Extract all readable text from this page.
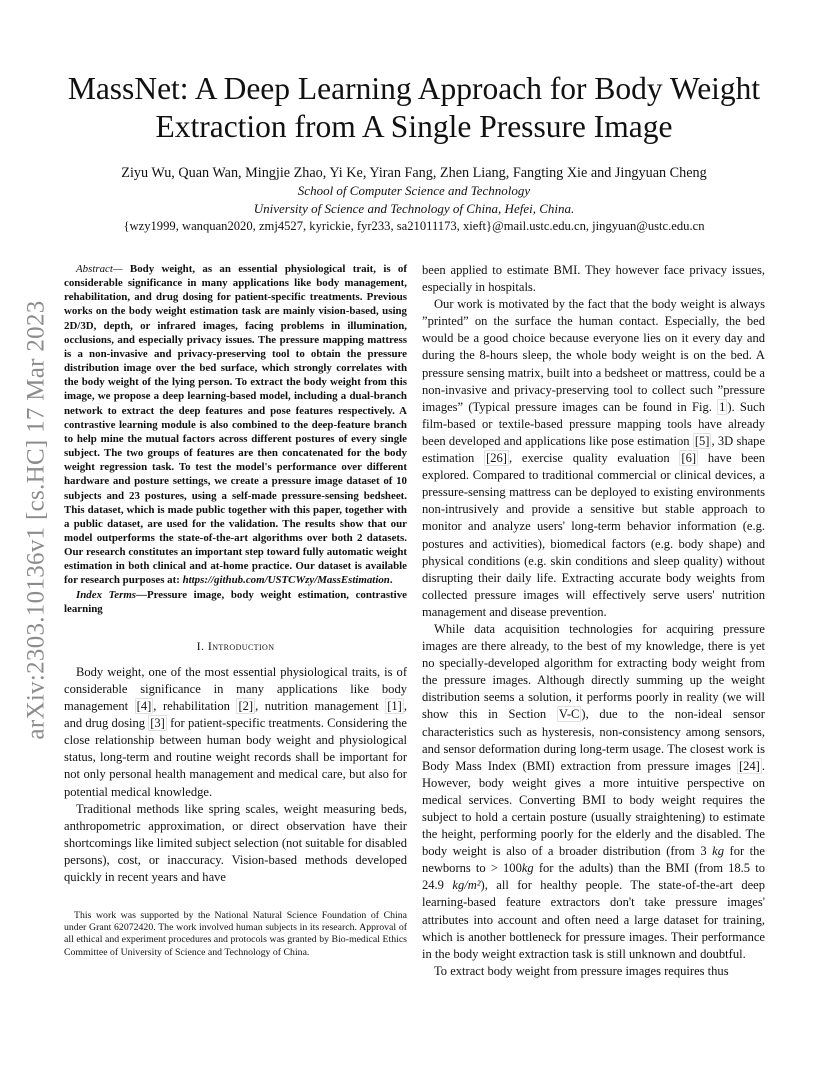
arXiv:2303.10136v1 [cs.HC] 17 Mar 2023
MassNet: A Deep Learning Approach for Body Weight Extraction from A Single Pressure Image
Ziyu Wu, Quan Wan, Mingjie Zhao, Yi Ke, Yiran Fang, Zhen Liang, Fangting Xie and Jingyuan Cheng
School of Computer Science and Technology
University of Science and Technology of China, Hefei, China.
{wzy1999, wanquan2020, zmj4527, kyrickie, fyr233, sa21011173, xieft}@mail.ustc.edu.cn, jingyuan@ustc.edu.cn

Abstract— Body weight, as an essential physiological trait, is of considerable significance in many applications like body management, rehabilitation, and drug dosing for patient-specific treatments. Previous works on the body weight estimation task are mainly vision-based, using 2D/3D, depth, or infrared images, facing problems in illumination, occlusions, and especially privacy issues. The pressure mapping mattress is a non-invasive and privacy-preserving tool to obtain the pressure distribution image over the bed surface, which strongly correlates with the body weight of the lying person. To extract the body weight from this image, we propose a deep learning-based model, including a dual-branch network to extract the deep features and pose features respectively. A contrastive learning module is also combined to the deep-feature branch to help mine the mutual factors across different postures of every single subject. The two groups of features are then concatenated for the body weight regression task. To test the model's performance over different hardware and posture settings, we create a pressure image dataset of 10 subjects and 23 postures, using a self-made pressure-sensing bedsheet. This dataset, which is made public together with this paper, together with a public dataset, are used for the validation. The results show that our model outperforms the state-of-the-art algorithms over both 2 datasets. Our research constitutes an important step toward fully automatic weight estimation in both clinical and at-home practice. Our dataset is available for research purposes at: https://github.com/USTCWzy/MassEstimation.

Index Terms—Pressure image, body weight estimation, contrastive learning

I. Introduction

Body weight, one of the most essential physiological traits, is of considerable significance in many applications like body management [4] , rehabilitation [2] , nutrition management [1] , and drug dosing [3] for patient-specific treatments. Considering the close relationship between human body weight and physiological status, long-term and routine weight records shall be important for not only personal health management and medical care, but also for potential medical knowledge.

Traditional methods like spring scales, weight measuring beds, anthropometric approximation, or direct observation have their shortcomings like limited subject selection (not suitable for disabled persons), cost, or inaccuracy. Vision-based methods developed quickly in recent years and have

This work was supported by the National Natural Science Foundation of China under Grant 62072420. The work involved human subjects in its research. Approval of all ethical and experiment procedures and protocols was granted by Bio-medical Ethics Committee of University of Science and Technology of China.

been applied to estimate BMI. They however face privacy issues, especially in hospitals.

Our work is motivated by the fact that the body weight is always ”printed” on the surface the human contact. Especially, the bed would be a good choice because everyone lies on it every day and during the 8-hours sleep, the whole body weight is on the bed. A pressure sensing matrix, built into a bedsheet or mattress, could be a non-invasive and privacy-preserving tool to collect such ”pressure images” (Typical pressure images can be found in Fig. 1 ). Such film-based or textile-based pressure mapping tools have already been developed and applications like pose estimation [5] , 3D shape estimation [26] , exercise quality evaluation [6] have been explored. Compared to traditional commercial or clinical devices, a pressure-sensing mattress can be deployed to existing environments non-intrusively and provide a sensitive but stable approach to monitor and analyze users' long-term behavior information (e.g. postures and activities), biomedical factors (e.g. body shape) and physical conditions (e.g. skin conditions and sleep quality) without disrupting their daily life. Extracting accurate body weights from collected pressure images will effectively serve users' nutrition management and disease prevention.

While data acquisition technologies for acquiring pressure images are there already, to the best of my knowledge, there is yet no specially-developed algorithm for extracting body weight from the pressure images. Although directly summing up the weight distribution seems a solution, it performs poorly in reality (we will show this in Section V-C ), due to the non-ideal sensor characteristics such as hysteresis, non-consistency among sensors, and sensor deformation during long-term usage. The closest work is Body Mass Index (BMI) extraction from pressure images [24] . However, body weight gives a more intuitive perspective on medical services. Converting BMI to body weight requires the subject to hold a certain posture (usually straightening) to estimate the height, performing poorly for the elderly and the disabled. The body weight is also of a broader distribution (from 3 kg for the newborns to > 100kg for the adults) than the BMI (from 18.5 to 24.9 kg/m²), all for healthy people. The state-of-the-art deep learning-based feature extractors don't take pressure images' attributes into account and often need a large dataset for training, which is another bottleneck for pressure images. Their performance in the body weight extraction task is still unknown and doubtful.

To extract body weight from pressure images requires thus
